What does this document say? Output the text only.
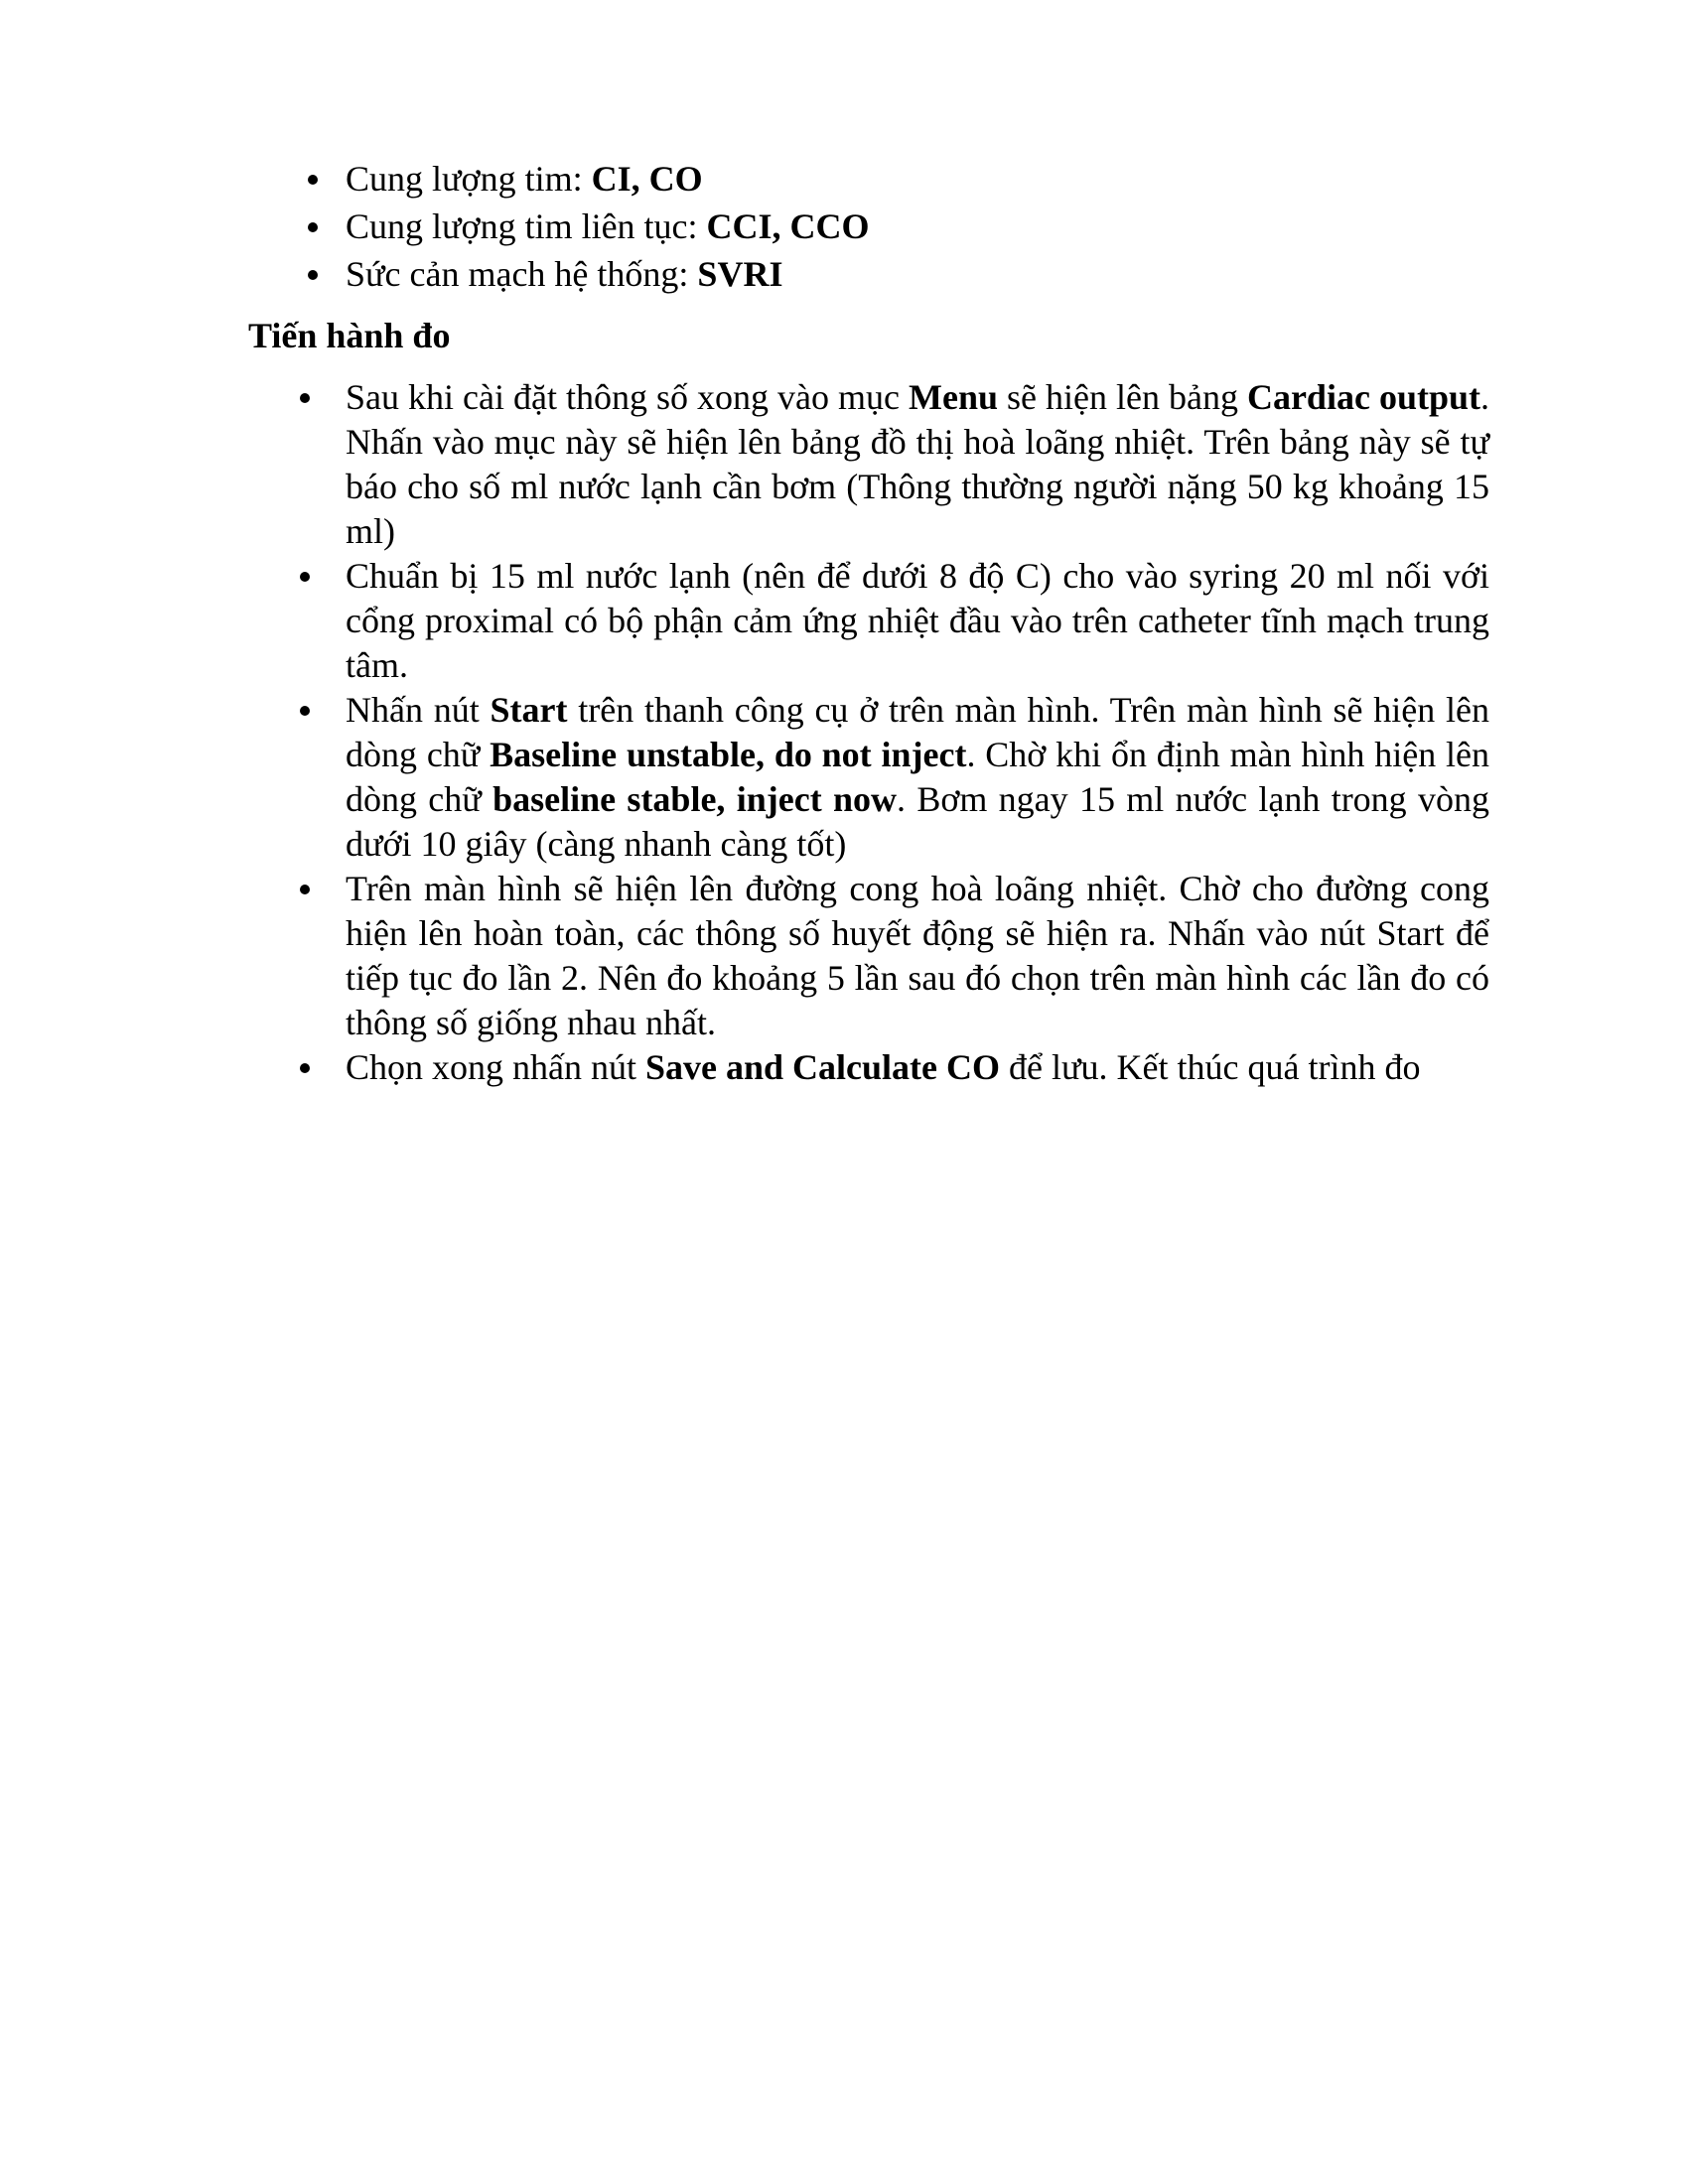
Cung lượng tim: CI, CO
Cung lượng tim liên tục: CCI, CCO
Sức cản mạch hệ thống: SVRI
Tiến hành đo

Sau khi cài đặt thông số xong vào mục Menu sẽ hiện lên bảng Cardiac output. Nhấn vào mục này sẽ hiện lên bảng đồ thị hoà loãng nhiệt. Trên bảng này sẽ tự báo cho số ml nước lạnh cần bơm (Thông thường người nặng 50 kg khoảng 15 ml)

Chuẩn bị 15 ml nước lạnh (nên để dưới 8 độ C) cho vào syring 20 ml nối với cổng proximal có bộ phận cảm ứng nhiệt đầu vào trên catheter tĩnh mạch trung tâm.

Nhấn nút Start trên thanh công cụ ở trên màn hình. Trên màn hình sẽ hiện lên dòng chữ Baseline unstable, do not inject. Chờ khi ổn định màn hình hiện lên dòng chữ baseline stable, inject now. Bơm ngay 15 ml nước lạnh trong vòng dưới 10 giây (càng nhanh càng tốt)

Trên màn hình sẽ hiện lên đường cong hoà loãng nhiệt. Chờ cho đường cong hiện lên hoàn toàn, các thông số huyết động sẽ hiện ra. Nhấn vào nút Start để tiếp tục đo lần 2. Nên đo khoảng 5 lần sau đó chọn trên màn hình các lần đo có thông số giống nhau nhất.

Chọn xong nhấn nút Save and Calculate CO để lưu. Kết thúc quá trình đo
